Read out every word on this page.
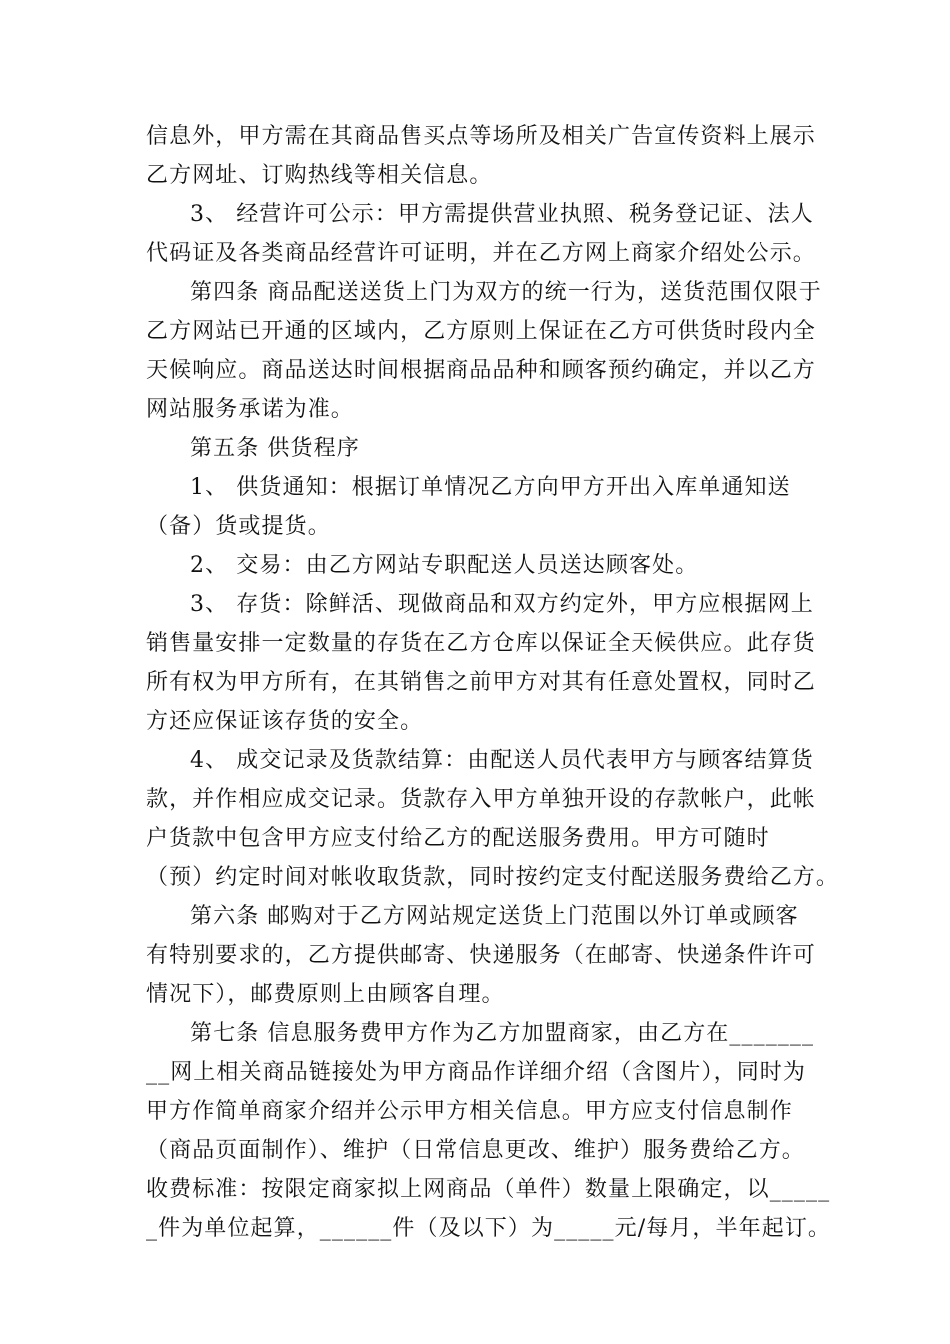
信息外，甲方需在其商品售买点等场所及相关广告宣传资料上展示
乙方网址、订购热线等相关信息。

3、 经营许可公示：甲方需提供营业执照、税务登记证、法人
代码证及各类商品经营许可证明，并在乙方网上商家介绍处公示。

第四条 商品配送送货上门为双方的统一行为，送货范围仅限于
乙方网站已开通的区域内，乙方原则上保证在乙方可供货时段内全
天候响应。商品送达时间根据商品品种和顾客预约确定，并以乙方
网站服务承诺为准。

第五条 供货程序

1、 供货通知：根据订单情况乙方向甲方开出入库单通知送
（备）货或提货。

2、 交易：由乙方网站专职配送人员送达顾客处。

3、 存货：除鲜活、现做商品和双方约定外，甲方应根据网上
销售量安排一定数量的存货在乙方仓库以保证全天候供应。此存货
所有权为甲方所有，在其销售之前甲方对其有任意处置权，同时乙
方还应保证该存货的安全。

4、 成交记录及货款结算：由配送人员代表甲方与顾客结算货
款，并作相应成交记录。货款存入甲方单独开设的存款帐户，此帐
户货款中包含甲方应支付给乙方的配送服务费用。甲方可随时
（预）约定时间对帐收取货款，同时按约定支付配送服务费给乙方。

第六条 邮购对于乙方网站规定送货上门范围以外订单或顾客
有特别要求的，乙方提供邮寄、快递服务（在邮寄、快递条件许可
情况下），邮费原则上由顾客自理。

第七条 信息服务费甲方作为乙方加盟商家，由乙方在_______
__网上相关商品链接处为甲方商品作详细介绍（含图片），同时为
甲方作简单商家介绍并公示甲方相关信息。甲方应支付信息制作
（商品页面制作）、维护（日常信息更改、维护）服务费给乙方。
收费标准：按限定商家拟上网商品（单件）数量上限确定，以_____
_件为单位起算，______件（及以下）为_____元/每月，半年起订。
